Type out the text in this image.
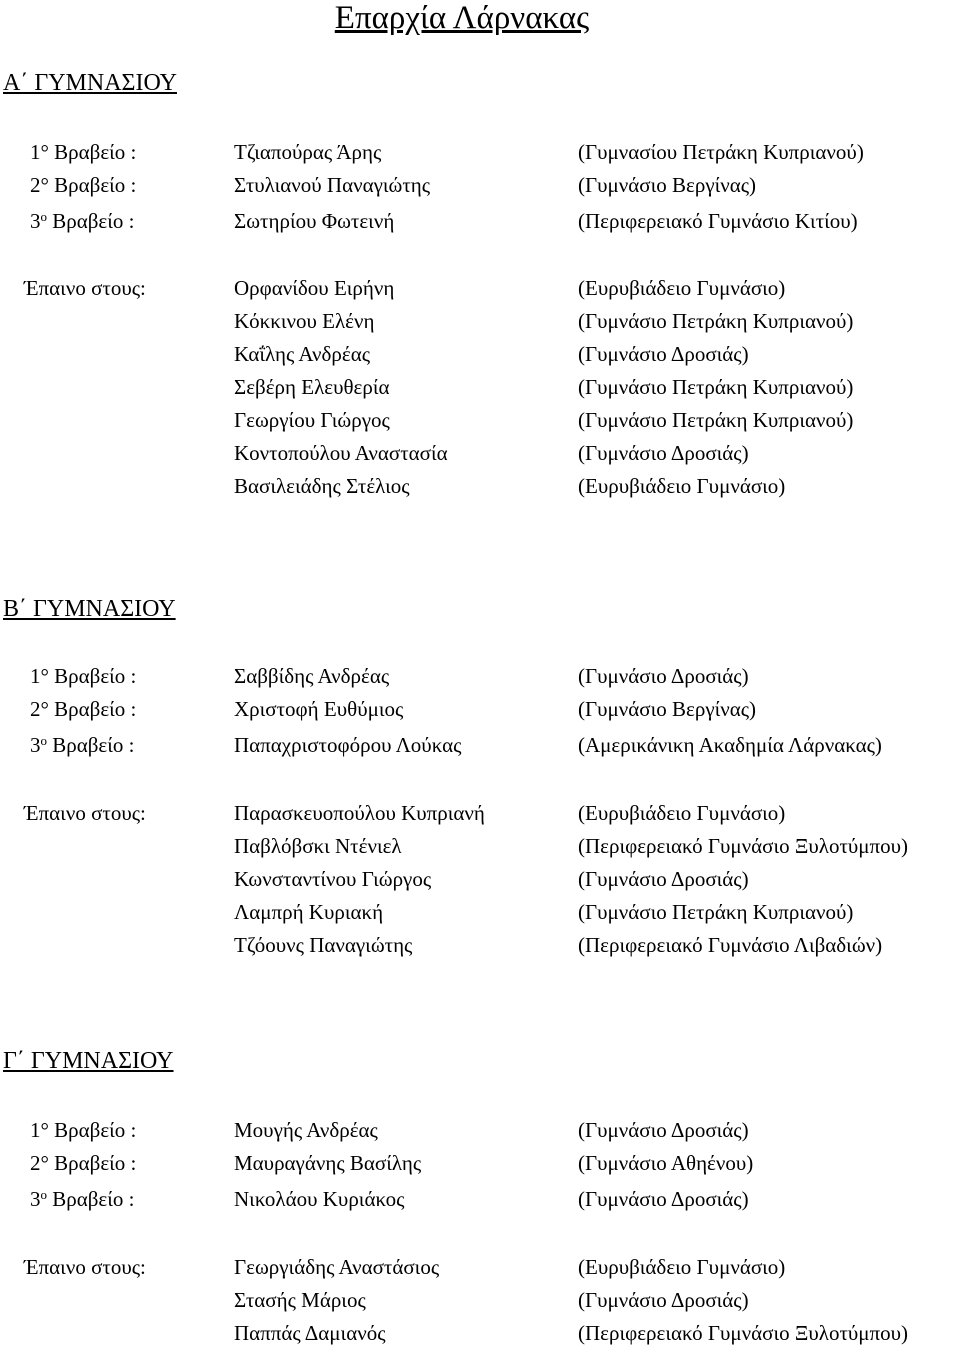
Επαρχία Λάρνακας
Α΄ ΓΥΜΝΑΣΙΟΥ
1° Βραβείο :	Τζιαπούρας Άρης	(Γυμνασίου Πετράκη Κυπριανού)
2° Βραβείο :	Στυλιανού Παναγιώτης	(Γυμνάσιο Βεργίνας)
$3^o$ Βραβείο :	Σωτηρίου Φωτεινή	(Περιφερειακό Γυμνάσιο Κιτίου)
Έπαινο στους:	Ορφανίδου Ειρήνη	(Ευρυβιάδειο Γυμνάσιο)
Κόκκινου Ελένη	(Γυμνάσιο Πετράκη Κυπριανού)
Καΐλης Ανδρέας	(Γυμνάσιο Δροσιάς)
Σεβέρη Ελευθερία	(Γυμνάσιο Πετράκη Κυπριανού)
Γεωργίου Γιώργος	(Γυμνάσιο Πετράκη Κυπριανού)
Κοντοπούλου Αναστασία	(Γυμνάσιο Δροσιάς)
Βασιλειάδης Στέλιος	(Ευρυβιάδειο Γυμνάσιο)
Β΄ ΓΥΜΝΑΣΙΟΥ
1° Βραβείο :	Σαββίδης Ανδρέας	(Γυμνάσιο Δροσιάς)
2° Βραβείο :	Χριστοφή Ευθύμιος	(Γυμνάσιο Βεργίνας)
$3^o$ Βραβείο :	Παπαχριστοφόρου Λούκας	(Αμερικάνικη Ακαδημία Λάρνακας)
Έπαινο στους:	Παρασκευοπούλου Κυπριανή	(Ευρυβιάδειο Γυμνάσιο)
Παβλόβσκι Ντένιελ	(Περιφερειακό Γυμνάσιο Ξυλοτύμπου)
Κωνσταντίνου Γιώργος	(Γυμνάσιο Δροσιάς)
Λαμπρή Κυριακή	(Γυμνάσιο Πετράκη Κυπριανού)
Τζόουνς Παναγιώτης	(Περιφερειακό Γυμνάσιο Λιβαδιών)
Γ΄ ΓΥΜΝΑΣΙΟΥ
1° Βραβείο :	Μουγής Ανδρέας	(Γυμνάσιο Δροσιάς)
2° Βραβείο :	Μαυραγάνης Βασίλης	(Γυμνάσιο Αθηένου)
$3^o$ Βραβείο :	Νικολάου Κυριάκος	(Γυμνάσιο Δροσιάς)
Έπαινο στους:	Γεωργιάδης Αναστάσιος	(Ευρυβιάδειο Γυμνάσιο)
Στασής Μάριος	(Γυμνάσιο Δροσιάς)
Παππάς Δαμιανός	(Περιφερειακό Γυμνάσιο Ξυλοτύμπου)
